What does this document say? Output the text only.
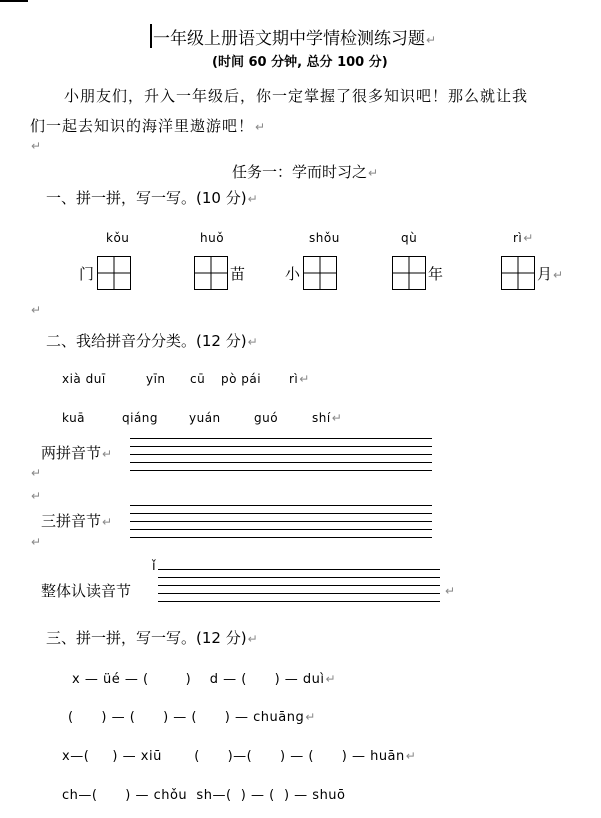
一年级上册语文期中学情检测练习题↵
(时间 60 分钟, 总分 100 分)
小朋友们，升入一年级后，你一定掌握了很多知识吧！那么就让我
们一起去知识的海洋里遨游吧！↵
↵
任务一：学而时习之↵
一、拼一拼，写一写。(10 分)↵
kǒu	huǒ	shǒu	qù	rì↵
门	苗	小	年	月↵
↵
二、我给拼音分分类。(12 分)↵
xià duī	yīn cū pò pái rì↵
kuā	qiáng	yuán	guó	shí↵
两拼音节↵
↵
↵
三拼音节↵
↵
ǐ
整体认读音节	↵
三、拼一拼，写一写。(12 分)↵
x — üé — (        )    d — (      ) — duì↵
(      ) — (      ) — (      ) — chuāng↵
x—(     ) — xiū       (      )—(      ) — (      ) — huān↵
ch—(      ) — chǒu  sh—(  ) — (  ) — shuō
